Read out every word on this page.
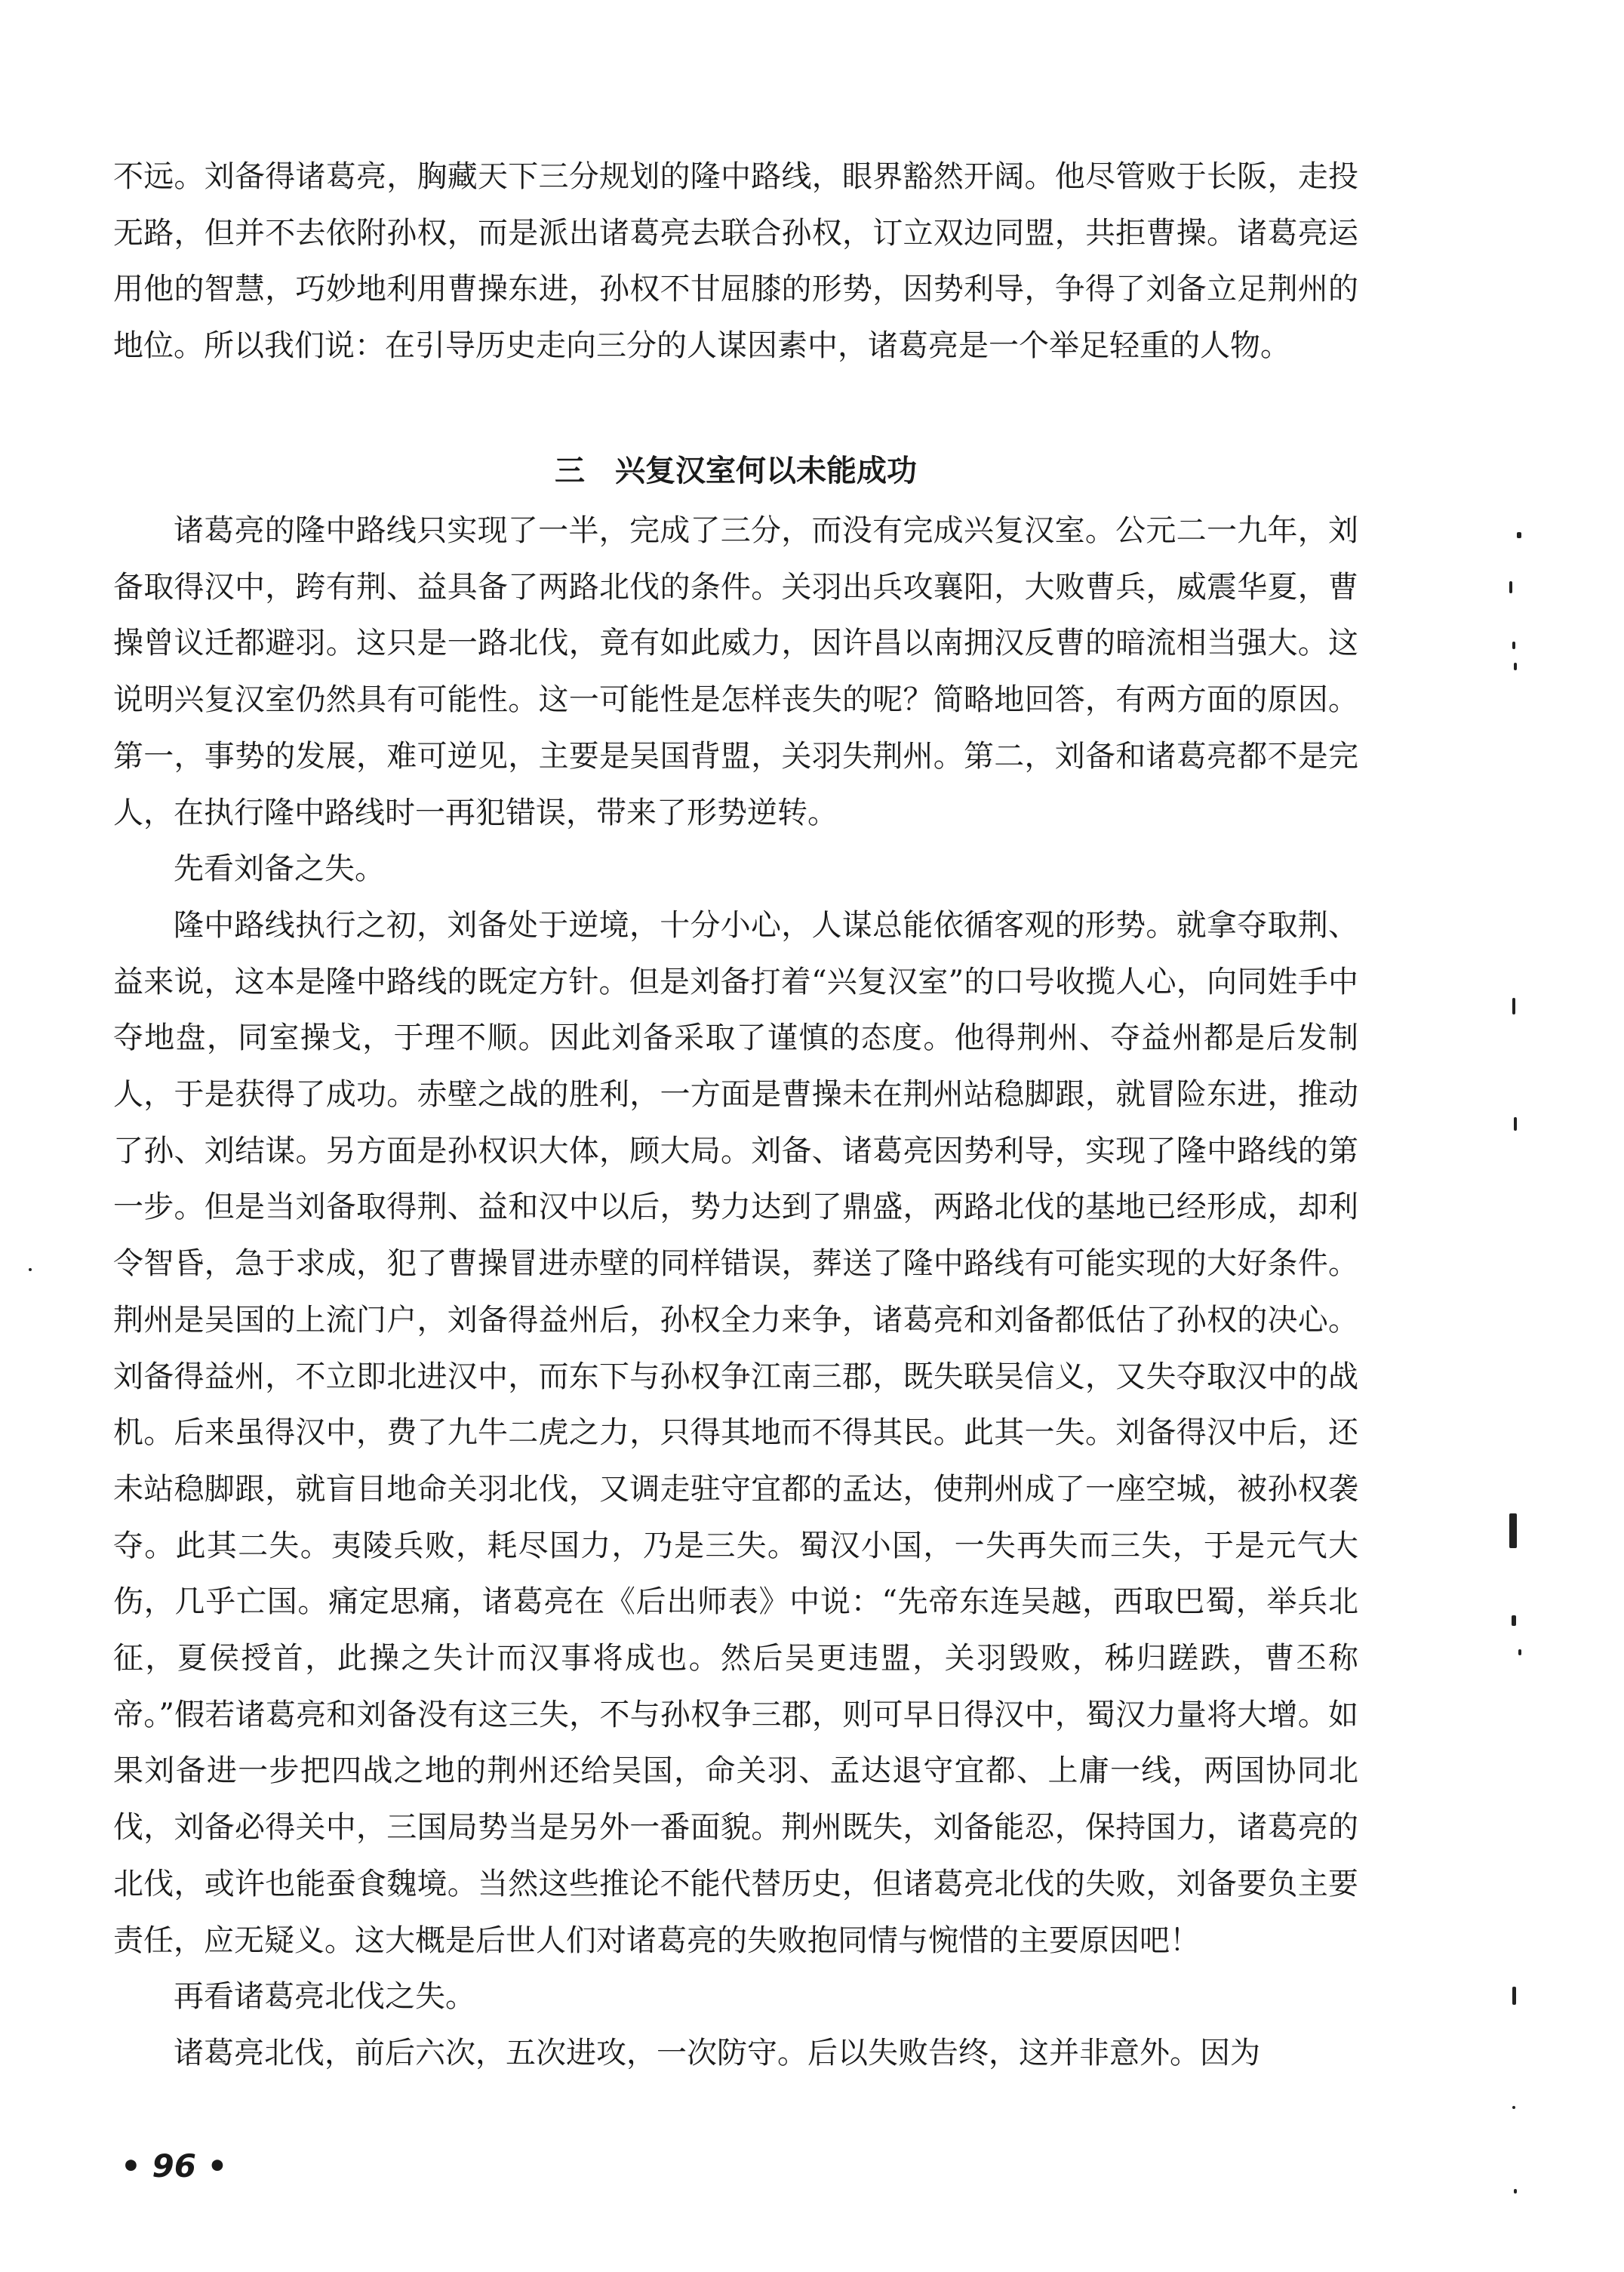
不远。刘备得诸葛亮，胸藏天下三分规划的隆中路线，眼界豁然开阔。他尽管败于长阪，走投无路，但并不去依附孙权，而是派出诸葛亮去联合孙权，订立双边同盟，共拒曹操。诸葛亮运用他的智慧，巧妙地利用曹操东进，孙权不甘屈膝的形势，因势利导，争得了刘备立足荆州的地位。所以我们说：在引导历史走向三分的人谋因素中，诸葛亮是一个举足轻重的人物。

三　兴复汉室何以未能成功

诸葛亮的隆中路线只实现了一半，完成了三分，而没有完成兴复汉室。公元二一九年，刘备取得汉中，跨有荆、益具备了两路北伐的条件。关羽出兵攻襄阳，大败曹兵，威震华夏，曹操曾议迁都避羽。这只是一路北伐，竟有如此威力，因许昌以南拥汉反曹的暗流相当强大。这说明兴复汉室仍然具有可能性。这一可能性是怎样丧失的呢？简略地回答，有两方面的原因。第一，事势的发展，难可逆见，主要是吴国背盟，关羽失荆州。第二，刘备和诸葛亮都不是完人，在执行隆中路线时一再犯错误，带来了形势逆转。

先看刘备之失。

隆中路线执行之初，刘备处于逆境，十分小心，人谋总能依循客观的形势。就拿夺取荆、益来说，这本是隆中路线的既定方针。但是刘备打着“兴复汉室”的口号收揽人心，向同姓手中夺地盘，同室操戈，于理不顺。因此刘备采取了谨慎的态度。他得荆州、夺益州都是后发制人，于是获得了成功。赤壁之战的胜利，一方面是曹操未在荆州站稳脚跟，就冒险东进，推动了孙、刘结谋。另方面是孙权识大体，顾大局。刘备、诸葛亮因势利导，实现了隆中路线的第一步。但是当刘备取得荆、益和汉中以后，势力达到了鼎盛，两路北伐的基地已经形成，却利令智昏，急于求成，犯了曹操冒进赤壁的同样错误，葬送了隆中路线有可能实现的大好条件。荆州是吴国的上流门户，刘备得益州后，孙权全力来争，诸葛亮和刘备都低估了孙权的决心。刘备得益州，不立即北进汉中，而东下与孙权争江南三郡，既失联吴信义，又失夺取汉中的战机。后来虽得汉中，费了九牛二虎之力，只得其地而不得其民。此其一失。刘备得汉中后，还未站稳脚跟，就盲目地命关羽北伐，又调走驻守宜都的孟达，使荆州成了一座空城，被孙权袭夺。此其二失。夷陵兵败，耗尽国力，乃是三失。蜀汉小国，一失再失而三失，于是元气大伤，几乎亡国。痛定思痛，诸葛亮在《后出师表》中说：“先帝东连吴越，西取巴蜀，举兵北征，夏侯授首，此操之失计而汉事将成也。然后吴更违盟，关羽毁败，秭归蹉跌，曹丕称帝。”假若诸葛亮和刘备没有这三失，不与孙权争三郡，则可早日得汉中，蜀汉力量将大增。如果刘备进一步把四战之地的荆州还给吴国，命关羽、孟达退守宜都、上庸一线，两国协同北伐，刘备必得关中，三国局势当是另外一番面貌。荆州既失，刘备能忍，保持国力，诸葛亮的北伐，或许也能蚕食魏境。当然这些推论不能代替历史，但诸葛亮北伐的失败，刘备要负主要责任，应无疑义。这大概是后世人们对诸葛亮的失败抱同情与惋惜的主要原因吧！

再看诸葛亮北伐之失。

诸葛亮北伐，前后六次，五次进攻，一次防守。后以失败告终，这并非意外。因为

• 96 •
